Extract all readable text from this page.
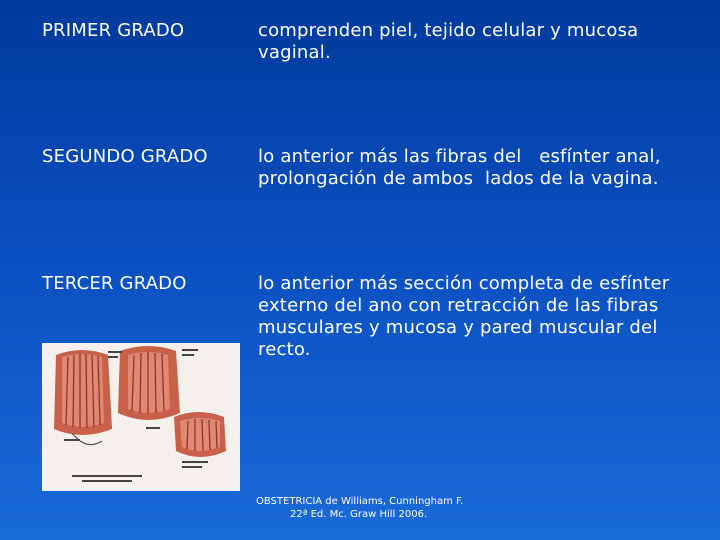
PRIMER GRADO	comprenden piel, tejido celular y mucosa vaginal.
SEGUNDO GRADO	lo anterior más las fibras del   esfínter anal, prolongación de ambos  lados de la vagina.
TERCER GRADO	lo anterior más sección completa de esfínter externo del ano con retracción de las fibras musculares y mucosa y pared muscular del recto.
OBSTETRICIA de Williams, Cunningham F.
22ª Ed. Mc. Graw Hill 2006.
